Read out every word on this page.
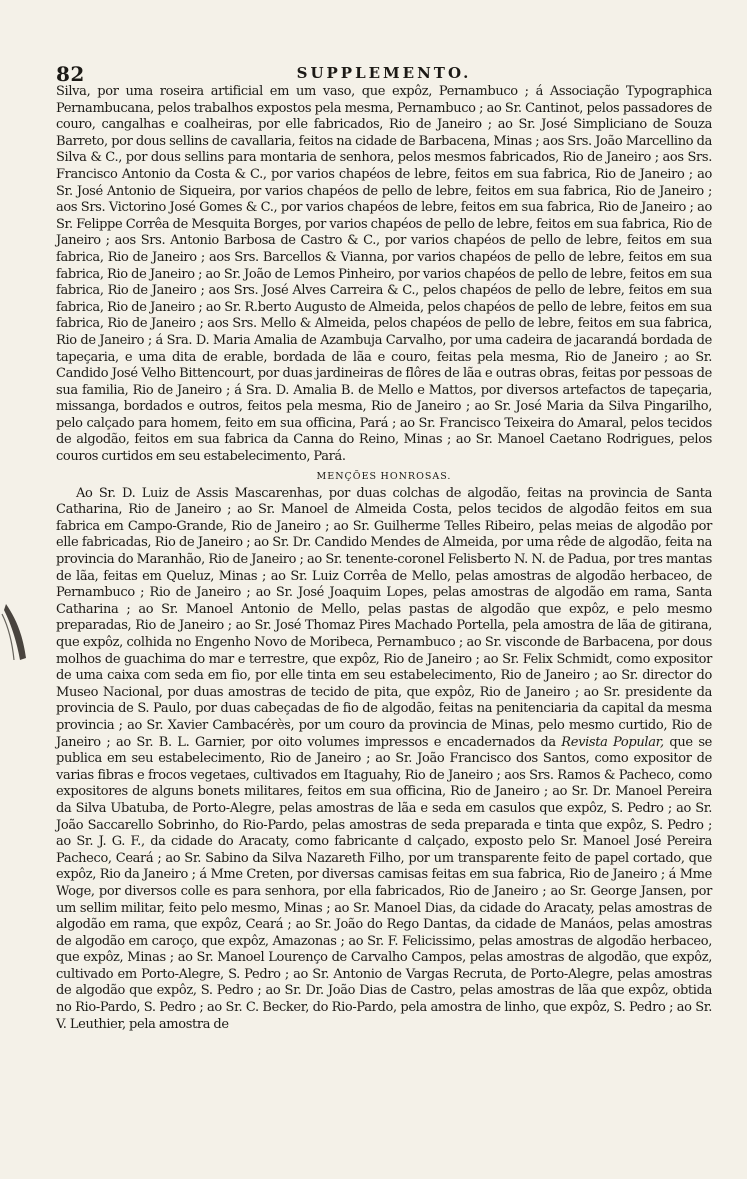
82	SUPPLEMENTO.

Silva, por uma roseira artificial em um vaso, que expôz, Pernambuco ; á Associação Typographica Pernambucana, pelos trabalhos expostos pela mesma, Pernambuco ; ao Sr. Cantinot, pelos passadores de couro, cangalhas e coalheiras, por elle fabricados, Rio de Janeiro ; ao Sr. José Simpliciano de Souza Barreto, por dous sellins de cavallaria, feitos na cidade de Barbacena, Minas ; aos Srs. João Marcellino da Silva & C., por dous sellins para montaria de senhora, pelos mesmos fabricados, Rio de Janeiro ; aos Srs. Francisco Antonio da Costa & C., por varios chapéos de lebre, feitos em sua fabrica, Rio de Janeiro ; ao Sr. José Antonio de Siqueira, por varios chapéos de pello de lebre, feitos em sua fabrica, Rio de Janeiro ; aos Srs. Victorino José Gomes & C., por varios chapéos de lebre, feitos em sua fabrica, Rio de Janeiro ; ao Sr. Felippe Corrêa de Mesquita Borges, por varios chapéos de pello de lebre, feitos em sua fabrica, Rio de Janeiro ; aos Srs. Antonio Barbosa de Castro & C., por varios chapéos de pello de lebre, feitos em sua fabrica, Rio de Janeiro ; aos Srs. Barcellos & Vianna, por varios chapéos de pello de lebre, feitos em sua fabrica, Rio de Janeiro ; ao Sr. João de Lemos Pinheiro, por varios chapéos de pello de lebre, feitos em sua fabrica, Rio de Janeiro ; aos Srs. José Alves Carreira & C., pelos chapéos de pello de lebre, feitos em sua fabrica, Rio de Janeiro ; ao Sr. R.berto Augusto de Almeida, pelos chapéos de pello de lebre, feitos em sua fabrica, Rio de Janeiro ; aos Srs. Mello & Almeida, pelos chapéos de pello de lebre, feitos em sua fabrica, Rio de Janeiro ; á Sra. D. Maria Amalia de Azambuja Carvalho, por uma cadeira de jacarandá bordada de tapeçaria, e uma dita de erable, bordada de lãa e couro, feitas pela mesma, Rio de Janeiro ; ao Sr. Candido José Velho Bittencourt, por duas jardineiras de flôres de lãa e outras obras, feitas por pessoas de sua familia, Rio de Janeiro ; á Sra. D. Amalia B. de Mello e Mattos, por diversos artefactos de tapeçaria, missanga, bordados e outros, feitos pela mesma, Rio de Janeiro ; ao Sr. José Maria da Silva Pingarilho, pelo calçado para homem, feito em sua officina, Pará ; ao Sr. Francisco Teixeira do Amaral, pelos tecidos de algodão, feitos em sua fabrica da Canna do Reino, Minas ; ao Sr. Manoel Caetano Rodrigues, pelos couros curtidos em seu estabelecimento, Pará.

MENÇÕES HONROSAS.

Ao Sr. D. Luiz de Assis Mascarenhas, por duas colchas de algodão, feitas na provincia de Santa Catharina, Rio de Janeiro ; ao Sr. Manoel de Almeida Costa, pelos tecidos de algodão feitos em sua fabrica em Campo-Grande, Rio de Janeiro ; ao Sr. Guilherme Telles Ribeiro, pelas meias de algodão por elle fabricadas, Rio de Janeiro ; ao Sr. Dr. Candido Mendes de Almeida, por uma rêde de algodão, feita na provincia do Maranhão, Rio de Janeiro ; ao Sr. tenente-coronel Felisberto N. N. de Padua, por tres mantas de lãa, feitas em Queluz, Minas ; ao Sr. Luiz Corrêa de Mello, pelas amostras de algodão herbaceo, de Pernambuco ; Rio de Janeiro ; ao Sr. José Joaquim Lopes, pelas amostras de algodão em rama, Santa Catharina ; ao Sr. Manoel Antonio de Mello, pelas pastas de algodão que expôz, e pelo mesmo preparadas, Rio de Janeiro ; ao Sr. José Thomaz Pires Machado Portella, pela amostra de lãa de gitirana, que expôz, colhida no Engenho Novo de Moribeca, Pernambuco ; ao Sr. visconde de Barbacena, por dous molhos de guachima do mar e terrestre, que expôz, Rio de Janeiro ; ao Sr. Felix Schmidt, como expositor de uma caixa com seda em fio, por elle tinta em seu estabelecimento, Rio de Janeiro ; ao Sr. director do Museo Nacional, por duas amostras de tecido de pita, que expôz, Rio de Janeiro ; ao Sr. presidente da provincia de S. Paulo, por duas cabeçadas de fio de algodão, feitas na penitenciaria da capital da mesma provincia ; ao Sr. Xavier Cambacérès, por um couro da provincia de Minas, pelo mesmo curtido, Rio de Janeiro ; ao Sr. B. L. Garnier, por oito volumes impressos e encadernados da Revista Popular, que se publica em seu estabelecimento, Rio de Janeiro ; ao Sr. João Francisco dos Santos, como expositor de varias fibras e frocos vegetaes, cultivados em Itaguahy, Rio de Janeiro ; aos Srs. Ramos & Pacheco, como expositores de alguns bonets militares, feitos em sua officina, Rio de Janeiro ; ao Sr. Dr. Manoel Pereira da Silva Ubatuba, de Porto-Alegre, pelas amostras de lãa e seda em casulos que expôz, S. Pedro ; ao Sr. João Saccarello Sobrinho, do Rio-Pardo, pelas amostras de seda preparada e tinta que expôz, S. Pedro ; ao Sr. J. G. F., da cidade do Aracaty, como fabricante d calçado, exposto pelo Sr. Manoel José Pereira Pacheco, Ceará ; ao Sr. Sabino da Silva Nazareth Filho, por um transparente feito de papel cortado, que expôz, Rio da Janeiro ; á Mme Creten, por diversas camisas feitas em sua fabrica, Rio de Janeiro ; á Mme Woge, por diversos colle es para senhora, por ella fabricados, Rio de Janeiro ; ao Sr. George Jansen, por um sellim militar, feito pelo mesmo, Minas ; ao Sr. Manoel Dias, da cidade do Aracaty, pelas amostras de algodão em rama, que expôz, Ceará ; ao Sr. João do Rego Dantas, da cidade de Manáos, pelas amostras de algodão em caroço, que expôz, Amazonas ; ao Sr. F. Felicissimo, pelas amostras de algodão herbaceo, que expôz, Minas ; ao Sr. Manoel Lourenço de Carvalho Campos, pelas amostras de algodão, que expôz, cultivado em Porto-Alegre, S. Pedro ; ao Sr. Antonio de Vargas Recruta, de Porto-Alegre, pelas amostras de algodão que expôz, S. Pedro ; ao Sr. Dr. João Dias de Castro, pelas amostras de lãa que expôz, obtida no Rio-Pardo, S. Pedro ; ao Sr. C. Becker, do Rio-Pardo, pela amostra de linho, que expôz, S. Pedro ; ao Sr. V. Leuthier, pela amostra de
